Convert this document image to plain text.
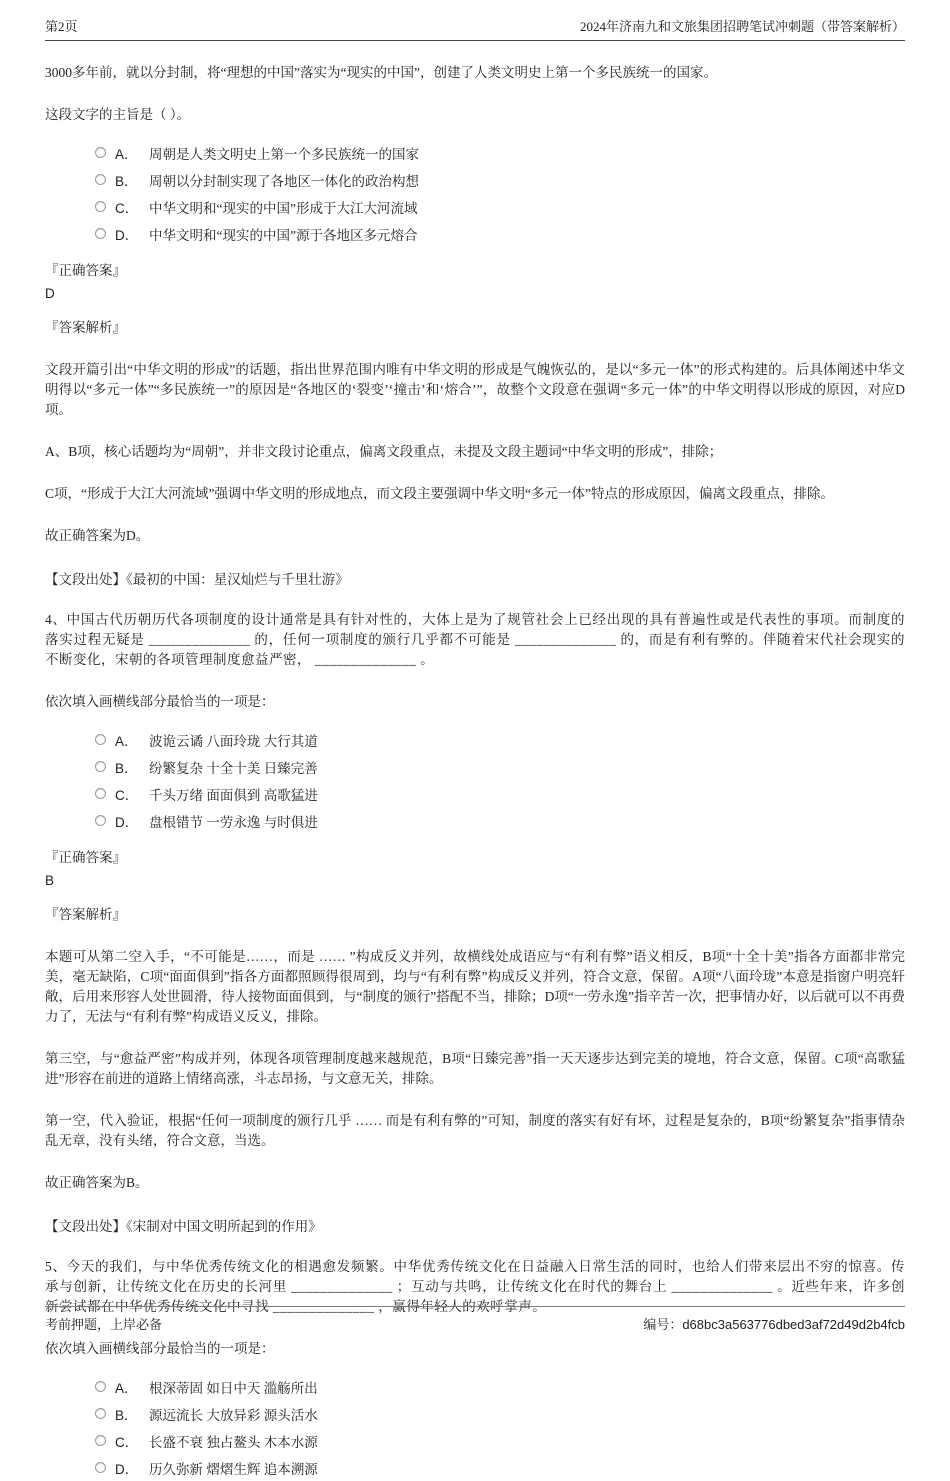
第2页	2024年济南九和文旅集团招聘笔试冲刺题（带答案解析）

3000多年前，就以分封制，将“理想的中国”落实为“现实的中国”，创建了人类文明史上第一个多民族统一的国家。

这段文字的主旨是（ ）。

A． 周朝是人类文明史上第一个多民族统一的国家
B． 周朝以分封制实现了各地区一体化的政治构想
C． 中华文明和“现实的中国”形成于大江大河流域
D． 中华文明和“现实的中国”源于各地区多元熔合

『正确答案』

D

『答案解析』

文段开篇引出“中华文明的形成”的话题，指出世界范围内唯有中华文明的形成是气魄恢弘的，是以“多元一体”的形式构建的。后具体阐述中华文明得以“多元一体”“多民族统一”的原因是“各地区的‘裂变’‘撞击’和‘熔合’”，故整个文段意在强调“多元一体”的中华文明得以形成的原因，对应D项。

A、B项，核心话题均为“周朝”，并非文段讨论重点，偏离文段重点，未提及文段主题词“中华文明的形成”，排除；

C项，“形成于大江大河流域”强调中华文明的形成地点，而文段主要强调中华文明“多元一体”特点的形成原因，偏离文段重点，排除。

故正确答案为D。

【文段出处】《最初的中国：星汉灿烂与千里壮游》

4、中国古代历朝历代各项制度的设计通常是具有针对性的，大体上是为了规管社会上已经出现的具有普遍性或是代表性的事项。而制度的落实过程无疑是 ______________ 的，任何一项制度的颁行几乎都不可能是 ______________ 的，而是有利有弊的。伴随着宋代社会现实的不断变化，宋朝的各项管理制度愈益严密， ______________ 。

依次填入画横线部分最恰当的一项是：

A． 波诡云谲 八面玲珑 大行其道
B． 纷繁复杂 十全十美 日臻完善
C． 千头万绪 面面俱到 高歌猛进
D． 盘根错节 一劳永逸 与时俱进

『正确答案』

B

『答案解析』

本题可从第二空入手，“不可能是……，而是 …… ”构成反义并列，故横线处成语应与“有利有弊”语义相反，B项“十全十美”指各方面都非常完美，毫无缺陷，C项“面面俱到”指各方面都照顾得很周到，均与“有利有弊”构成反义并列，符合文意，保留。A项“八面玲珑”本意是指窗户明亮轩敞，后用来形容人处世圆滑，待人接物面面俱到，与“制度的颁行”搭配不当，排除；D项“一劳永逸”指辛苦一次，把事情办好，以后就可以不再费力了，无法与“有利有弊”构成语义反义，排除。

第三空，与“愈益严密”构成并列，体现各项管理制度越来越规范，B项“日臻完善”指一天天逐步达到完美的境地，符合文意，保留。C项“高歌猛进”形容在前进的道路上情绪高涨，斗志昂扬，与文意无关，排除。

第一空，代入验证，根据“任何一项制度的颁行几乎 …… 而是有利有弊的”可知，制度的落实有好有坏，过程是复杂的，B项“纷繁复杂”指事情杂乱无章，没有头绪，符合文意，当选。

故正确答案为B。

【文段出处】《宋制对中国文明所起到的作用》

5、今天的我们，与中华优秀传统文化的相遇愈发频繁。中华优秀传统文化在日益融入日常生活的同时，也给人们带来层出不穷的惊喜。传承与创新，让传统文化在历史的长河里 ______________ ；互动与共鸣，让传统文化在时代的舞台上 ______________ 。近些年来，许多创新尝试都在中华优秀传统文化中寻找 ______________ ，赢得年轻人的欢呼掌声。

依次填入画横线部分最恰当的一项是：

A． 根深蒂固 如日中天 滥觞所出
B． 源远流长 大放异彩 源头活水
C． 长盛不衰 独占鳌头 木本水源
D． 历久弥新 熠熠生辉 追本溯源
考前押题，上岸必备	编号：d68bc3a563776dbed3af72d49d2b4fcb
